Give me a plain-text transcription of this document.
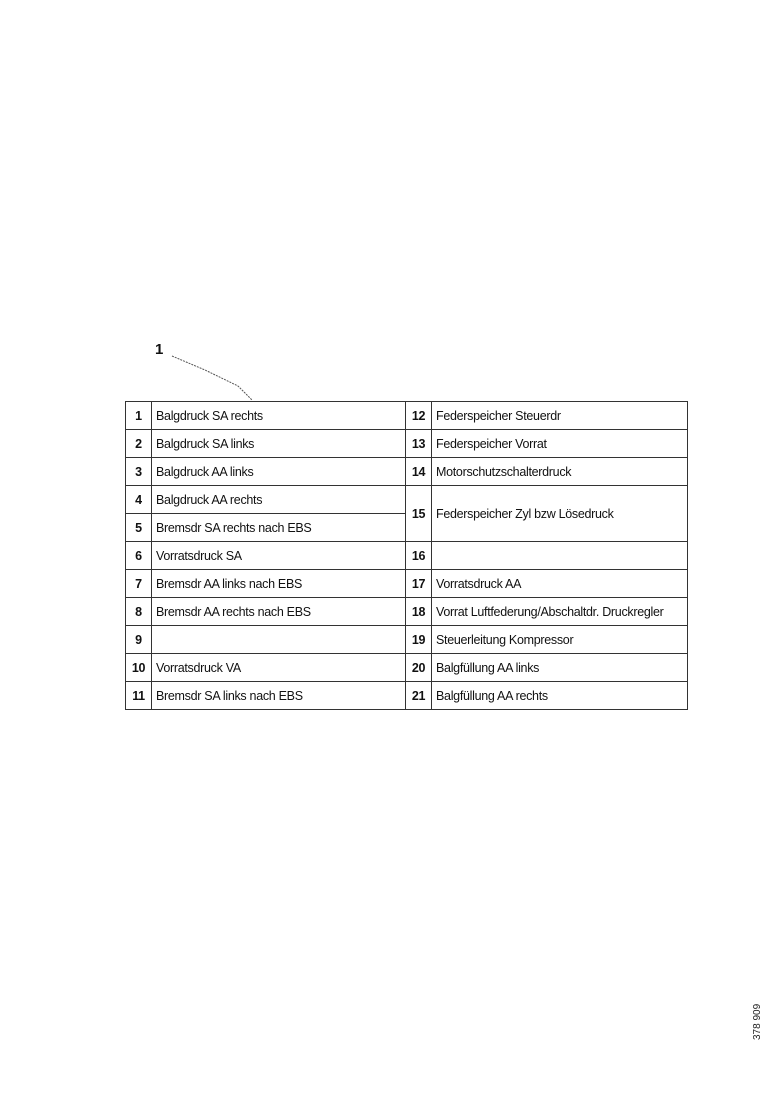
1
1	Balgdruck SA rechts	12	Federspeicher Steuerdr
2	Balgdruck SA links	13	Federspeicher Vorrat
3	Balgdruck AA links	14	Motorschutzschalterdruck
4	Balgdruck AA rechts	15	Federspeicher Zyl bzw Lösedruck
5	Bremsdr SA rechts nach EBS		
6	Vorratsdruck SA	16	
7	Bremsdr AA links nach EBS	17	Vorratsdruck AA
8	Bremsdr AA rechts nach EBS	18	Vorrat Luftfederung/Abschaltdr. Druckregler
9		19	Steuerleitung Kompressor
10	Vorratsdruck VA	20	Balgfüllung AA links
11	Bremsdr SA links nach EBS	21	Balgfüllung AA rechts
378 909
